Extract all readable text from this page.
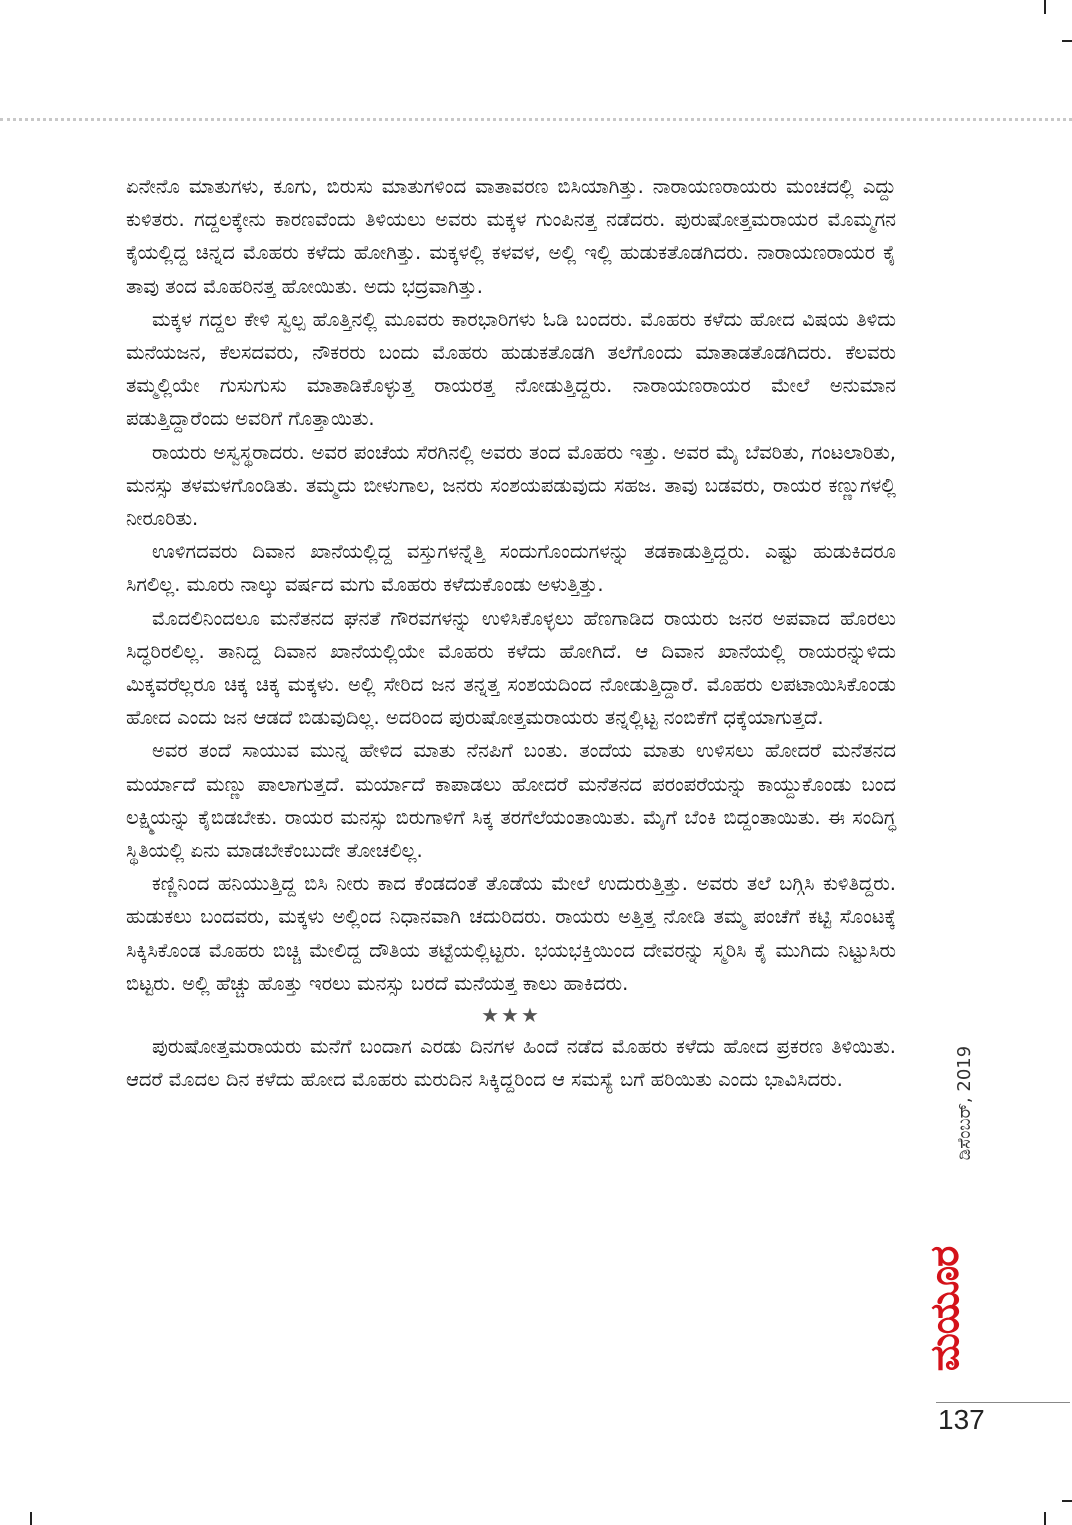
ಏನೇನೊ ಮಾತುಗಳು, ಕೂಗು, ಬಿರುಸು ಮಾತುಗಳಿಂದ ವಾತಾವರಣ ಬಿಸಿಯಾಗಿತ್ತು. ನಾರಾಯಣರಾಯರು ಮಂಚದಲ್ಲಿ ಎದ್ದು ಕುಳಿತರು. ಗದ್ದಲಕ್ಕೇನು ಕಾರಣವೆಂದು ತಿಳಿಯಲು ಅವರು ಮಕ್ಕಳ ಗುಂಪಿನತ್ತ ನಡೆದರು. ಪುರುಷೋತ್ತಮರಾಯರ ಮೊಮ್ಮಗನ ಕೈಯಲ್ಲಿದ್ದ ಚಿನ್ನದ ಮೊಹರು ಕಳೆದು ಹೋಗಿತ್ತು. ಮಕ್ಕಳಲ್ಲಿ ಕಳವಳ, ಅಲ್ಲಿ ಇಲ್ಲಿ ಹುಡುಕತೊಡಗಿದರು. ನಾರಾಯಣರಾಯರ ಕೈ ತಾವು ತಂದ ಮೊಹರಿನತ್ತ ಹೋಯಿತು. ಅದು ಭದ್ರವಾಗಿತ್ತು.

ಮಕ್ಕಳ ಗದ್ದಲ ಕೇಳಿ ಸ್ವಲ್ಪ ಹೊತ್ತಿನಲ್ಲಿ ಮೂವರು ಕಾರಭಾರಿಗಳು ಓಡಿ ಬಂದರು. ಮೊಹರು ಕಳೆದು ಹೋದ ವಿಷಯ ತಿಳಿದು ಮನೆಯಜನ, ಕೆಲಸದವರು, ನೌಕರರು ಬಂದು ಮೊಹರು ಹುಡುಕತೊಡಗಿ ತಲೆಗೊಂದು ಮಾತಾಡತೊಡಗಿದರು. ಕೆಲವರು ತಮ್ಮಲ್ಲಿಯೇ ಗುಸುಗುಸು ಮಾತಾಡಿಕೊಳ್ಳುತ್ತ ರಾಯರತ್ತ ನೋಡುತ್ತಿದ್ದರು. ನಾರಾಯಣರಾಯರ ಮೇಲೆ ಅನುಮಾನ ಪಡುತ್ತಿದ್ದಾರೆಂದು ಅವರಿಗೆ ಗೊತ್ತಾಯಿತು.

ರಾಯರು ಅಸ್ವಸ್ಥರಾದರು. ಅವರ ಪಂಚೆಯ ಸೆರಗಿನಲ್ಲಿ ಅವರು ತಂದ ಮೊಹರು ಇತ್ತು. ಅವರ ಮೈ ಬೆವರಿತು, ಗಂಟಲಾರಿತು, ಮನಸ್ಸು ತಳಮಳಗೊಂಡಿತು. ತಮ್ಮದು ಬೀಳುಗಾಲ, ಜನರು ಸಂಶಯಪಡುವುದು ಸಹಜ. ತಾವು ಬಡವರು, ರಾಯರ ಕಣ್ಣುಗಳಲ್ಲಿ ನೀರೂರಿತು.

ಊಳಿಗದವರು ದಿವಾನ ಖಾನೆಯಲ್ಲಿದ್ದ ವಸ್ತುಗಳನ್ನೆತ್ತಿ ಸಂದುಗೊಂದುಗಳನ್ನು ತಡಕಾಡುತ್ತಿದ್ದರು. ಎಷ್ಟು ಹುಡುಕಿದರೂ ಸಿಗಲಿಲ್ಲ. ಮೂರು ನಾಲ್ಕು ವರ್ಷದ ಮಗು ಮೊಹರು ಕಳೆದುಕೊಂಡು ಅಳುತ್ತಿತ್ತು.

ಮೊದಲಿನಿಂದಲೂ ಮನೆತನದ ಘನತೆ ಗೌರವಗಳನ್ನು ಉಳಿಸಿಕೊಳ್ಳಲು ಹೆಣಗಾಡಿದ ರಾಯರು ಜನರ ಅಪವಾದ ಹೊರಲು ಸಿದ್ಧರಿರಲಿಲ್ಲ. ತಾನಿದ್ದ ದಿವಾನ ಖಾನೆಯಲ್ಲಿಯೇ ಮೊಹರು ಕಳೆದು ಹೋಗಿದೆ. ಆ ದಿವಾನ ಖಾನೆಯಲ್ಲಿ ರಾಯರನ್ನುಳಿದು ಮಿಕ್ಕವರೆಲ್ಲರೂ ಚಿಕ್ಕ ಚಿಕ್ಕ ಮಕ್ಕಳು. ಅಲ್ಲಿ ಸೇರಿದ ಜನ ತನ್ನತ್ತ ಸಂಶಯದಿಂದ ನೋಡುತ್ತಿದ್ದಾರೆ. ಮೊಹರು ಲಪಟಾಯಿಸಿಕೊಂಡು ಹೋದ ಎಂದು ಜನ ಆಡದೆ ಬಿಡುವುದಿಲ್ಲ. ಅದರಿಂದ ಪುರುಷೋತ್ತಮರಾಯರು ತನ್ನಲ್ಲಿಟ್ಟ ನಂಬಿಕೆಗೆ ಧಕ್ಕೆಯಾಗುತ್ತದೆ.

ಅವರ ತಂದೆ ಸಾಯುವ ಮುನ್ನ ಹೇಳಿದ ಮಾತು ನೆನಪಿಗೆ ಬಂತು. ತಂದೆಯ ಮಾತು ಉಳಿಸಲು ಹೋದರೆ ಮನೆತನದ ಮರ್ಯಾದೆ ಮಣ್ಣು ಪಾಲಾಗುತ್ತದೆ. ಮರ್ಯಾದೆ ಕಾಪಾಡಲು ಹೋದರೆ ಮನೆತನದ ಪರಂಪರೆಯನ್ನು ಕಾಯ್ದುಕೊಂಡು ಬಂದ ಲಕ್ಷ್ಮಿಯನ್ನು ಕೈಬಿಡಬೇಕು. ರಾಯರ ಮನಸ್ಸು ಬಿರುಗಾಳಿಗೆ ಸಿಕ್ಕ ತರಗೆಲೆಯಂತಾಯಿತು. ಮೈಗೆ ಬೆಂಕಿ ಬಿದ್ದಂತಾಯಿತು. ಈ ಸಂದಿಗ್ಧ ಸ್ಥಿತಿಯಲ್ಲಿ ಏನು ಮಾಡಬೇಕೆಂಬುದೇ ತೋಚಲಿಲ್ಲ.

ಕಣ್ಣಿನಿಂದ ಹನಿಯುತ್ತಿದ್ದ ಬಿಸಿ ನೀರು ಕಾದ ಕೆಂಡದಂತೆ ತೊಡೆಯ ಮೇಲೆ ಉದುರುತ್ತಿತ್ತು. ಅವರು ತಲೆ ಬಗ್ಗಿಸಿ ಕುಳಿತಿದ್ದರು. ಹುಡುಕಲು ಬಂದವರು, ಮಕ್ಕಳು ಅಲ್ಲಿಂದ ನಿಧಾನವಾಗಿ ಚದುರಿದರು. ರಾಯರು ಅತ್ತಿತ್ತ ನೋಡಿ ತಮ್ಮ ಪಂಚೆಗೆ ಕಟ್ಟಿ ಸೊಂಟಕ್ಕೆ ಸಿಕ್ಕಿಸಿಕೊಂಡ ಮೊಹರು ಬಿಚ್ಚಿ ಮೇಲಿದ್ದ ದೌತಿಯ ತಟ್ಟೆಯಲ್ಲಿಟ್ಟರು. ಭಯಭಕ್ತಿಯಿಂದ ದೇವರನ್ನು ಸ್ಮರಿಸಿ ಕೈ ಮುಗಿದು ನಿಟ್ಟುಸಿರು ಬಿಟ್ಟರು. ಅಲ್ಲಿ ಹೆಚ್ಚು ಹೊತ್ತು ಇರಲು ಮನಸ್ಸು ಬರದೆ ಮನೆಯತ್ತ ಕಾಲು ಹಾಕಿದರು.

★★★

ಪುರುಷೋತ್ತಮರಾಯರು ಮನೆಗೆ ಬಂದಾಗ ಎರಡು ದಿನಗಳ ಹಿಂದೆ ನಡೆದ ಮೊಹರು ಕಳೆದು ಹೋದ ಪ್ರಕರಣ ತಿಳಿಯಿತು. ಆದರೆ ಮೊದಲ ದಿನ ಕಳೆದು ಹೋದ ಮೊಹರು ಮರುದಿನ ಸಿಕ್ಕಿದ್ದರಿಂದ ಆ ಸಮಸ್ಯೆ ಬಗೆ ಹರಿಯಿತು ಎಂದು ಭಾವಿಸಿದರು.	ಡಿಸೆಂಬರ್, 2019
ಮಯೂರ
137
